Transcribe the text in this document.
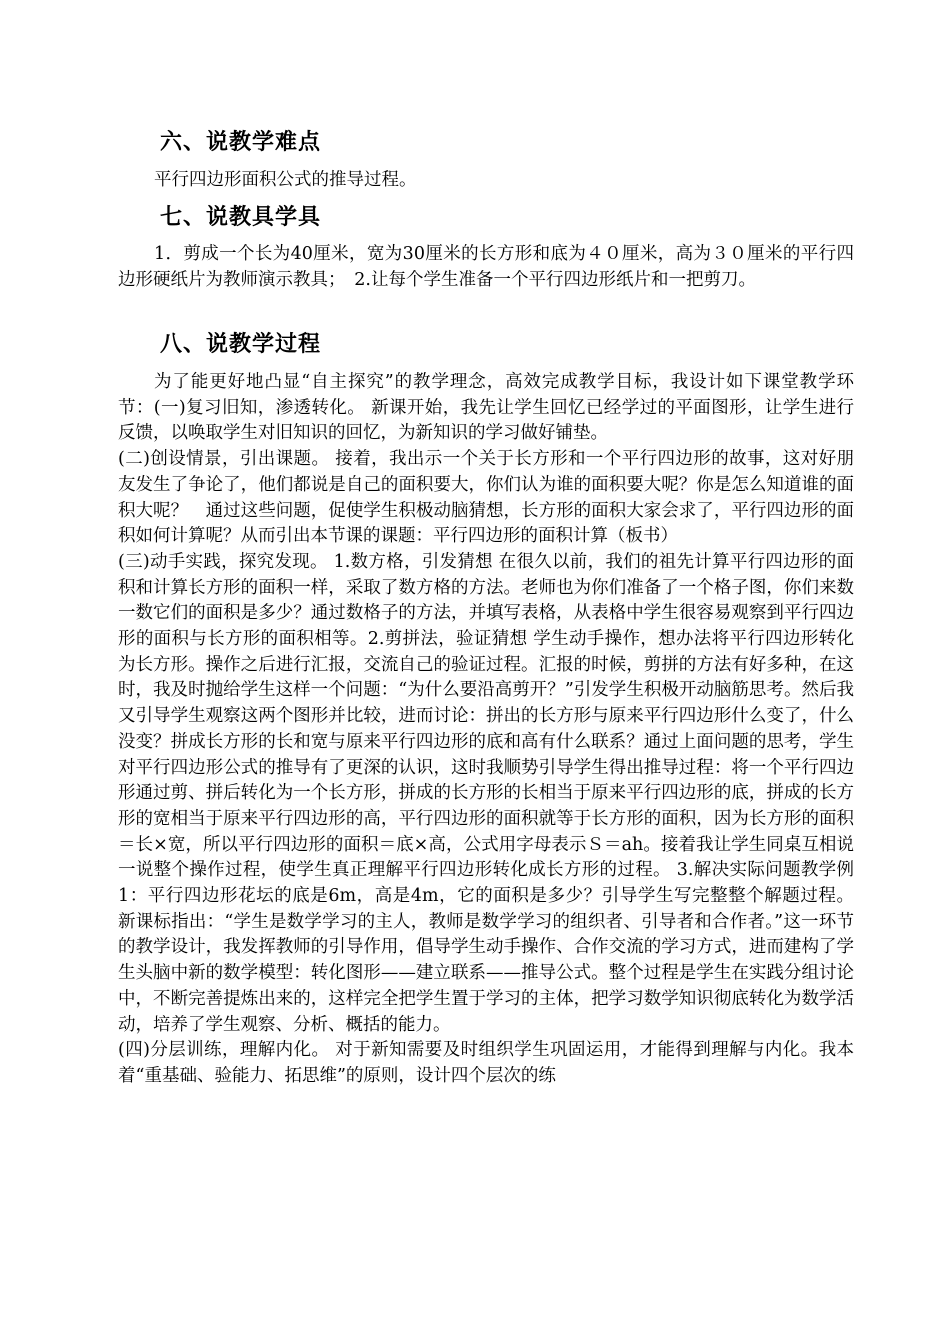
六、说教学难点

平行四边形面积公式的推导过程。

七、说教具学具

1．剪成一个长为40厘米，宽为30厘米的长方形和底为４０厘米，高为３０厘米的平行四边形硬纸片为教师演示教具；　2.让每个学生准备一个平行四边形纸片和一把剪刀。

八、说教学过程

为了能更好地凸显“自主探究”的教学理念，高效完成教学目标，我设计如下课堂教学环节：(一)复习旧知，渗透转化。 新课开始，我先让学生回忆已经学过的平面图形，让学生进行反馈，以唤取学生对旧知识的回忆，为新知识的学习做好铺垫。

(二)创设情景，引出课题。 接着，我出示一个关于长方形和一个平行四边形的故事，这对好朋友发生了争论了，他们都说是自己的面积要大，你们认为谁的面积要大呢？你是怎么知道谁的面积大呢？　通过这些问题，促使学生积极动脑猜想，长方形的面积大家会求了，平行四边形的面积如何计算呢？从而引出本节课的课题：平行四边形的面积计算（板书）

(三)动手实践，探究发现。 1.数方格，引发猜想 在很久以前，我们的祖先计算平行四边形的面积和计算长方形的面积一样，采取了数方格的方法。老师也为你们准备了一个格子图，你们来数一数它们的面积是多少？通过数格子的方法，并填写表格，从表格中学生很容易观察到平行四边形的面积与长方形的面积相等。2.剪拼法，验证猜想 学生动手操作，想办法将平行四边形转化为长方形。操作之后进行汇报，交流自己的验证过程。汇报的时候，剪拼的方法有好多种，在这时，我及时抛给学生这样一个问题：“为什么要沿高剪开？”引发学生积极开动脑筋思考。然后我又引导学生观察这两个图形并比较，进而讨论：拼出的长方形与原来平行四边形什么变了，什么没变？拼成长方形的长和宽与原来平行四边形的底和高有什么联系？通过上面问题的思考，学生对平行四边形公式的推导有了更深的认识，这时我顺势引导学生得出推导过程：将一个平行四边形通过剪、拼后转化为一个长方形，拼成的长方形的长相当于原来平行四边形的底，拼成的长方形的宽相当于原来平行四边形的高，平行四边形的面积就等于长方形的面积，因为长方形的面积＝长×宽，所以平行四边形的面积＝底×高，公式用字母表示Ｓ＝ah。接着我让学生同桌互相说一说整个操作过程，使学生真正理解平行四边形转化成长方形的过程。 3.解决实际问题教学例1：平行四边形花坛的底是6m，高是4m，它的面积是多少？引导学生写完整整个解题过程。 新课标指出：“学生是数学学习的主人，教师是数学学习的组织者、引导者和合作者。”这一环节的教学设计，我发挥教师的引导作用，倡导学生动手操作、合作交流的学习方式，进而建构了学生头脑中新的数学模型：转化图形——建立联系——推导公式。整个过程是学生在实践分组讨论中，不断完善提炼出来的，这样完全把学生置于学习的主体，把学习数学知识彻底转化为数学活动，培养了学生观察、分析、概括的能力。

(四)分层训练，理解内化。 对于新知需要及时组织学生巩固运用，才能得到理解与内化。我本着“重基础、验能力、拓思维”的原则，设计四个层次的练
